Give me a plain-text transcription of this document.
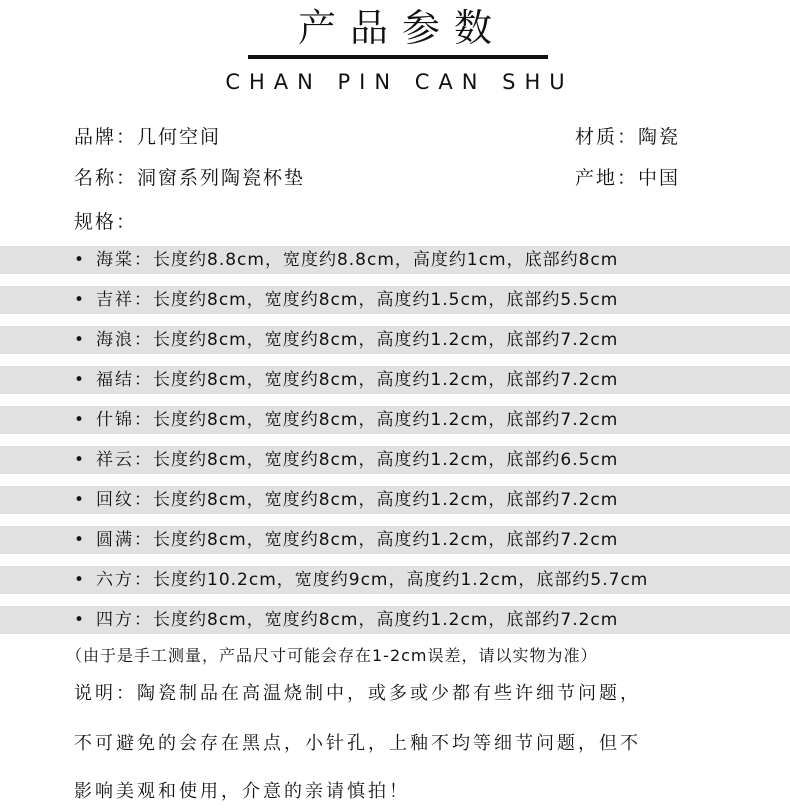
产品参数
CHAN PIN CAN SHU
品牌：几何空间	材质：陶瓷
名称：洞窗系列陶瓷杯垫	产地：中国
规格：
• 海棠：长度约8.8cm，宽度约8.8cm，高度约1cm，底部约8cm
• 吉祥：长度约8cm，宽度约8cm，高度约1.5cm，底部约5.5cm
• 海浪：长度约8cm，宽度约8cm，高度约1.2cm，底部约7.2cm
• 福结：长度约8cm，宽度约8cm，高度约1.2cm，底部约7.2cm
• 什锦：长度约8cm，宽度约8cm，高度约1.2cm，底部约7.2cm
• 祥云：长度约8cm，宽度约8cm，高度约1.2cm，底部约6.5cm
• 回纹：长度约8cm，宽度约8cm，高度约1.2cm，底部约7.2cm
• 圆满：长度约8cm，宽度约8cm，高度约1.2cm，底部约7.2cm
• 六方：长度约10.2cm，宽度约9cm，高度约1.2cm，底部约5.7cm
• 四方：长度约8cm，宽度约8cm，高度约1.2cm，底部约7.2cm
（由于是手工测量，产品尺寸可能会存在1-2cm误差，请以实物为准）
说明：陶瓷制品在高温烧制中，或多或少都有些许细节问题，
不可避免的会存在黑点，小针孔，上釉不均等细节问题，但不
影响美观和使用，介意的亲请慎拍！
